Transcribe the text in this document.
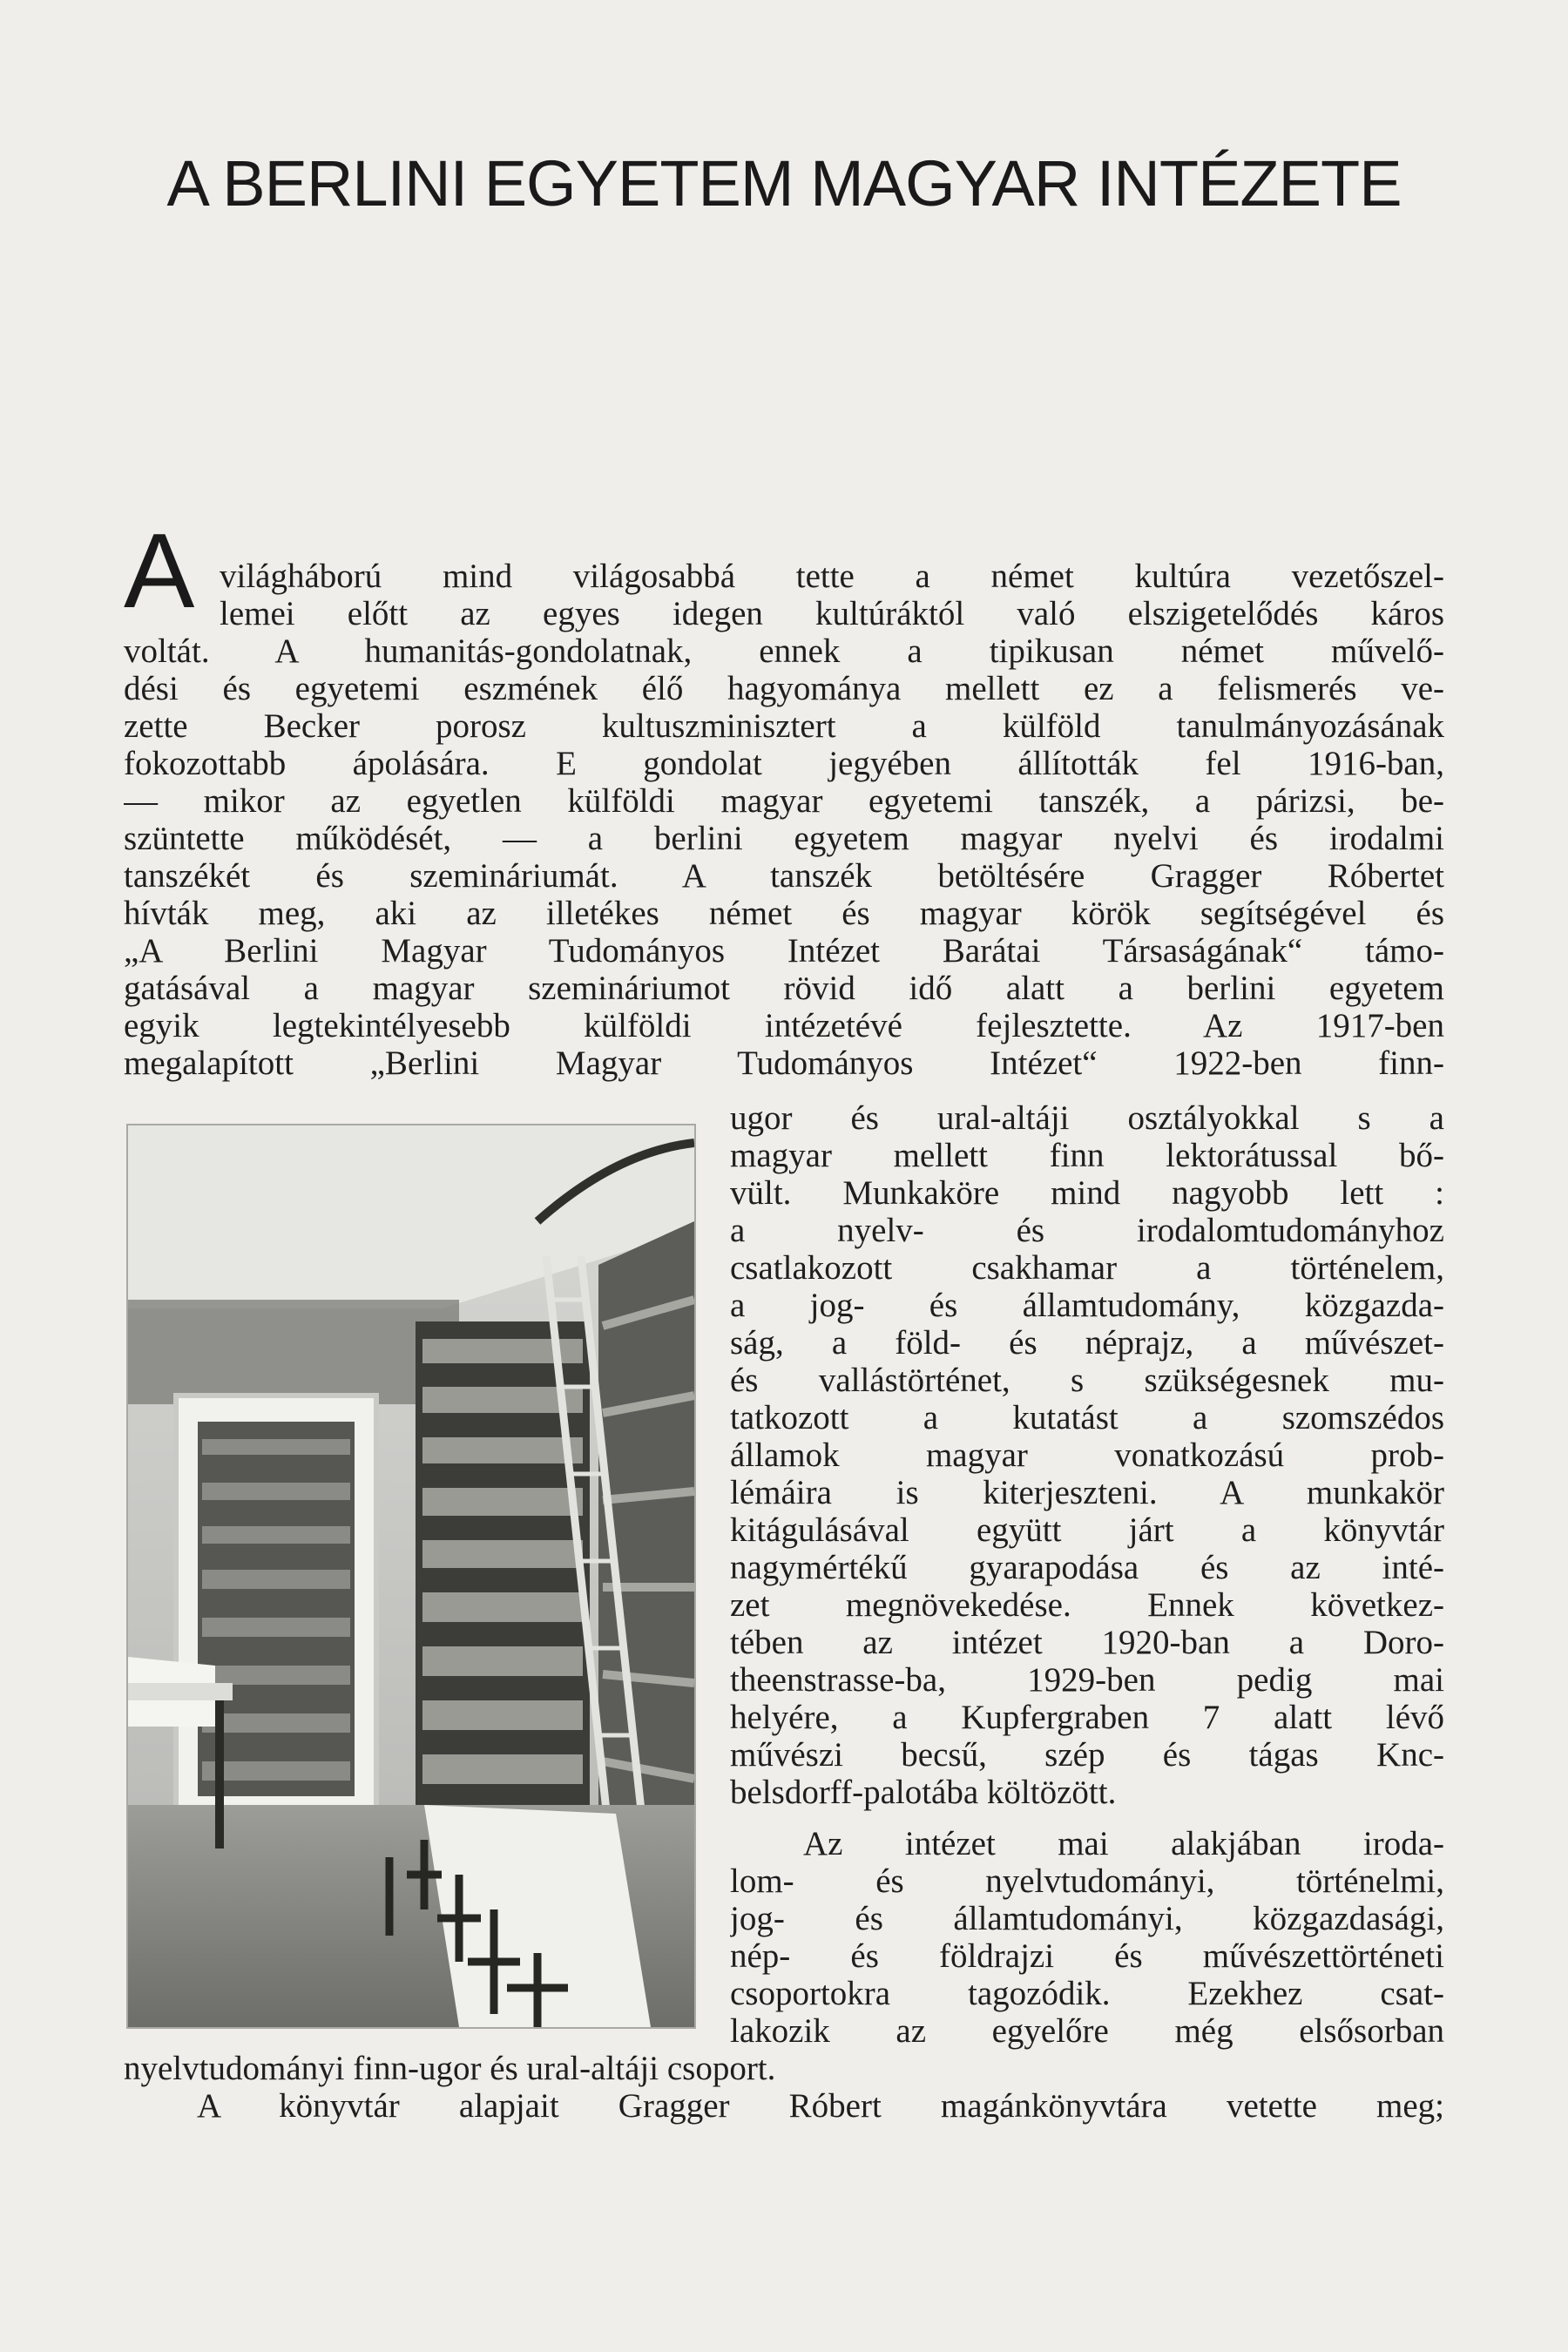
A BERLINI EGYETEM MAGYAR INTÉZETE
A világháború mind világosabbá tette a német kultúra vezetőszel-
lemei előtt az egyes idegen kultúráktól való elszigetelődés káros
voltát. A humanitás-gondolatnak, ennek a tipikusan német művelő-
dési és egyetemi eszmének élő hagyománya mellett ez a felismerés ve-
zette Becker porosz kultuszminisztert a külföld tanulmányozásának
fokozottabb ápolására. E gondolat jegyében állították fel 1916-ban,
— mikor az egyetlen külföldi magyar egyetemi tanszék, a párizsi, be-
szüntette működését, — a berlini egyetem magyar nyelvi és irodalmi
tanszékét és szemináriumát. A tanszék betöltésére Gragger Róbertet
hívták meg, aki az illetékes német és magyar körök segítségével és
„A Berlini Magyar Tudományos Intézet Barátai Társaságának“ támo-
gatásával a magyar szemináriumot rövid idő alatt a berlini egyetem
egyik legtekintélyesebb külföldi intézetévé fejlesztette. Az 1917-ben
megalapított „Berlini Magyar Tudományos Intézet“ 1922-ben finn-
ugor és ural-altáji osztályokkal s a
magyar mellett finn lektorátussal bő-
vült. Munkaköre mind nagyobb lett :
a nyelv- és irodalomtudományhoz
csatlakozott csakhamar a történelem,
a jog- és államtudomány, közgazda-
ság, a föld- és néprajz, a művészet-
és vallástörténet, s szükségesnek mu-
tatkozott a kutatást a szomszédos
államok magyar vonatkozású prob-
lémáira is kiterjeszteni. A munkakör
kitágulásával együtt járt a könyvtár
nagymértékű gyarapodása és az inté-
zet megnövekedése. Ennek következ-
tében az intézet 1920-ban a Doro-
theenstrasse-ba, 1929-ben pedig mai
helyére, a Kupfergraben 7 alatt lévő
művészi becsű, szép és tágas Knc-
belsdorff-palotába költözött.
Az intézet mai alakjában iroda-
lom- és nyelvtudományi, történelmi,
jog- és államtudományi, közgazdasági,
nép- és földrajzi és művészettörténeti
csoportokra tagozódik. Ezekhez csat-
lakozik az egyelőre még elsősorban
nyelvtudományi finn-ugor és ural-altáji csoport.
A könyvtár alapjait Gragger Róbert magánkönyvtára vetette meg;
